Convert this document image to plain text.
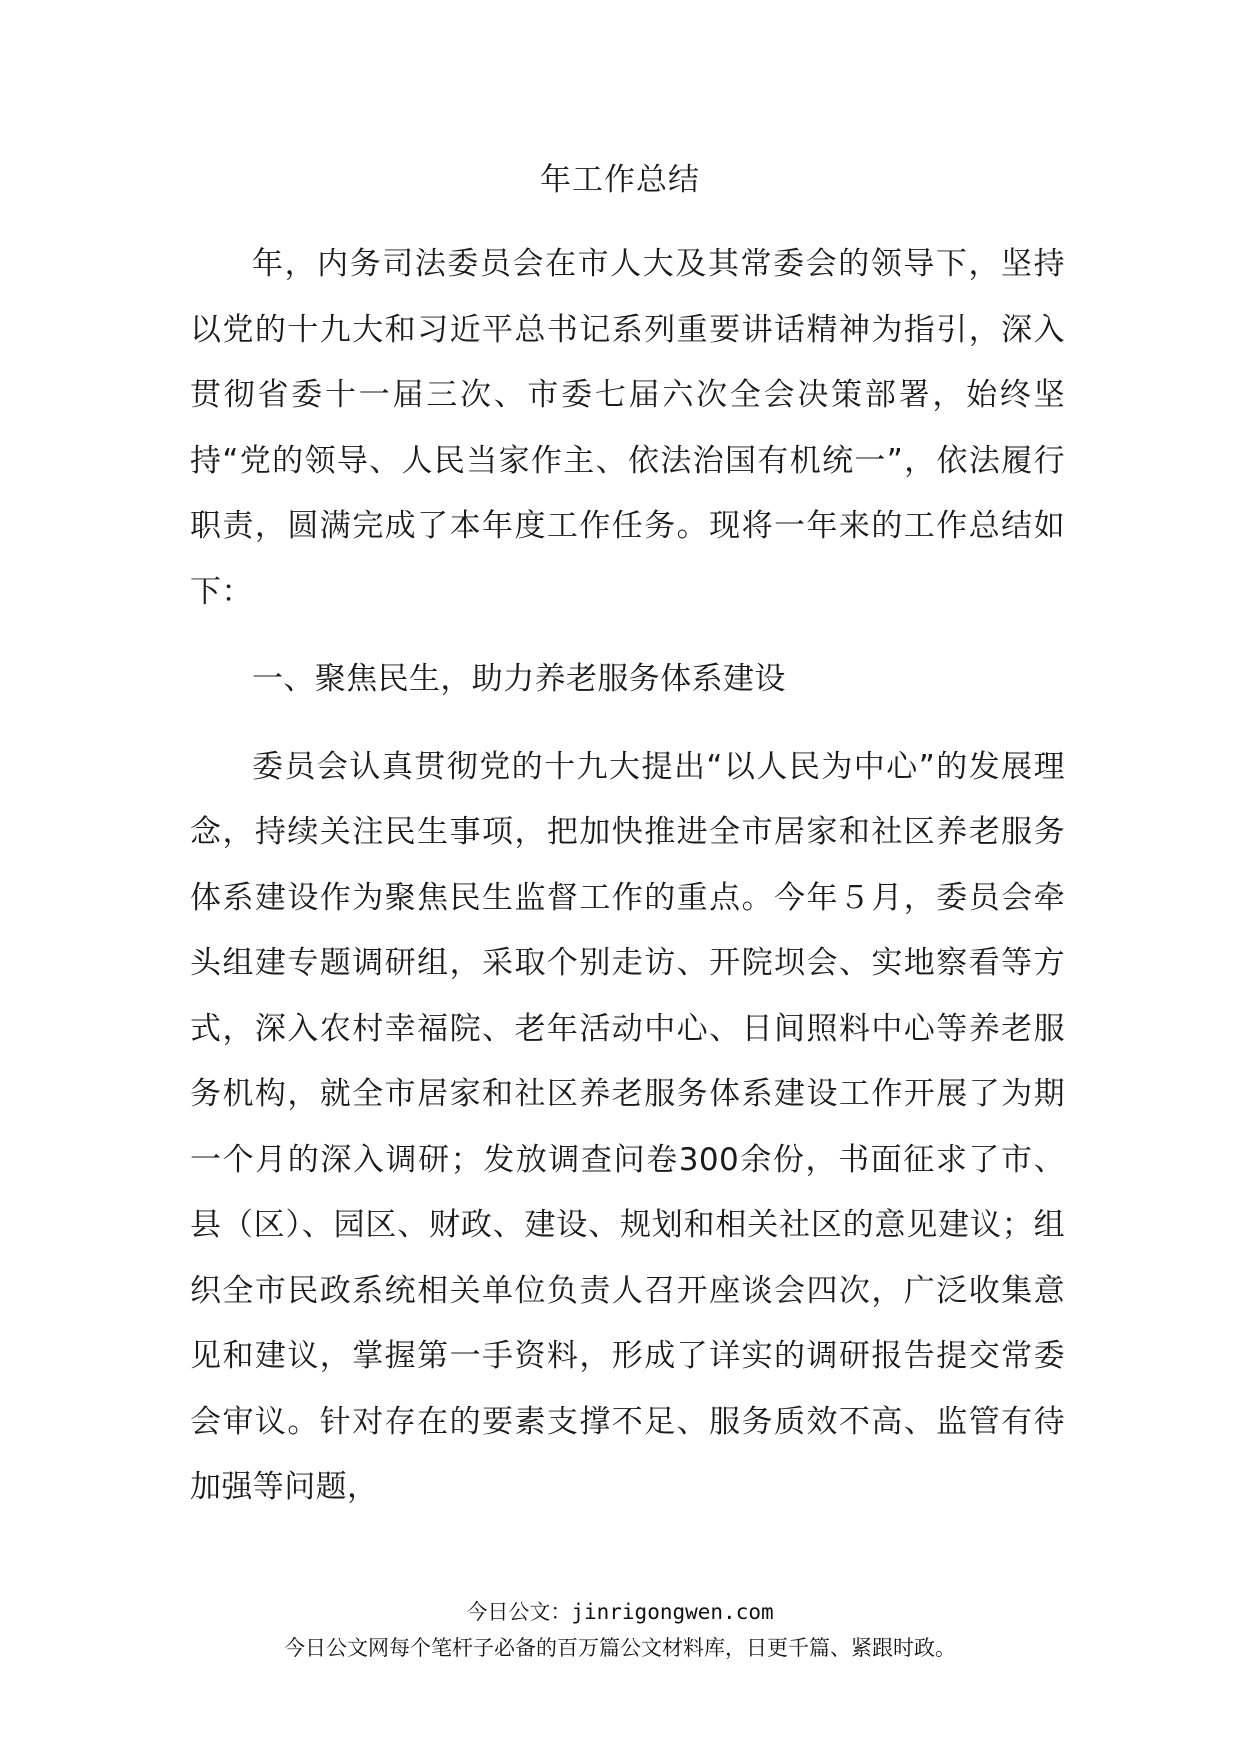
年工作总结

年，内务司法委员会在市人大及其常委会的领导下，坚持以党的十九大和习近平总书记系列重要讲话精神为指引，深入贯彻省委十一届三次、市委七届六次全会决策部署，始终坚持“党的领导、人民当家作主、依法治国有机统一”，依法履行职责，圆满完成了本年度工作任务。现将一年来的工作总结如下：

一、聚焦民生，助力养老服务体系建设

委员会认真贯彻党的十九大提出“以人民为中心”的发展理念，持续关注民生事项，把加快推进全市居家和社区养老服务体系建设作为聚焦民生监督工作的重点。今年５月，委员会牵头组建专题调研组，采取个别走访、开院坝会、实地察看等方式，深入农村幸福院、老年活动中心、日间照料中心等养老服务机构，就全市居家和社区养老服务体系建设工作开展了为期一个月的深入调研；发放调查问卷300余份，书面征求了市、县（区）、园区、财政、建设、规划和相关社区的意见建议；组织全市民政系统相关单位负责人召开座谈会四次，广泛收集意见和建议，掌握第一手资料，形成了详实的调研报告提交常委会审议。针对存在的要素支撑不足、服务质效不高、监管有待加强等问题，

今日公文：jinrigongwen.com
今日公文网每个笔杆子必备的百万篇公文材料库，日更千篇、紧跟时政。
